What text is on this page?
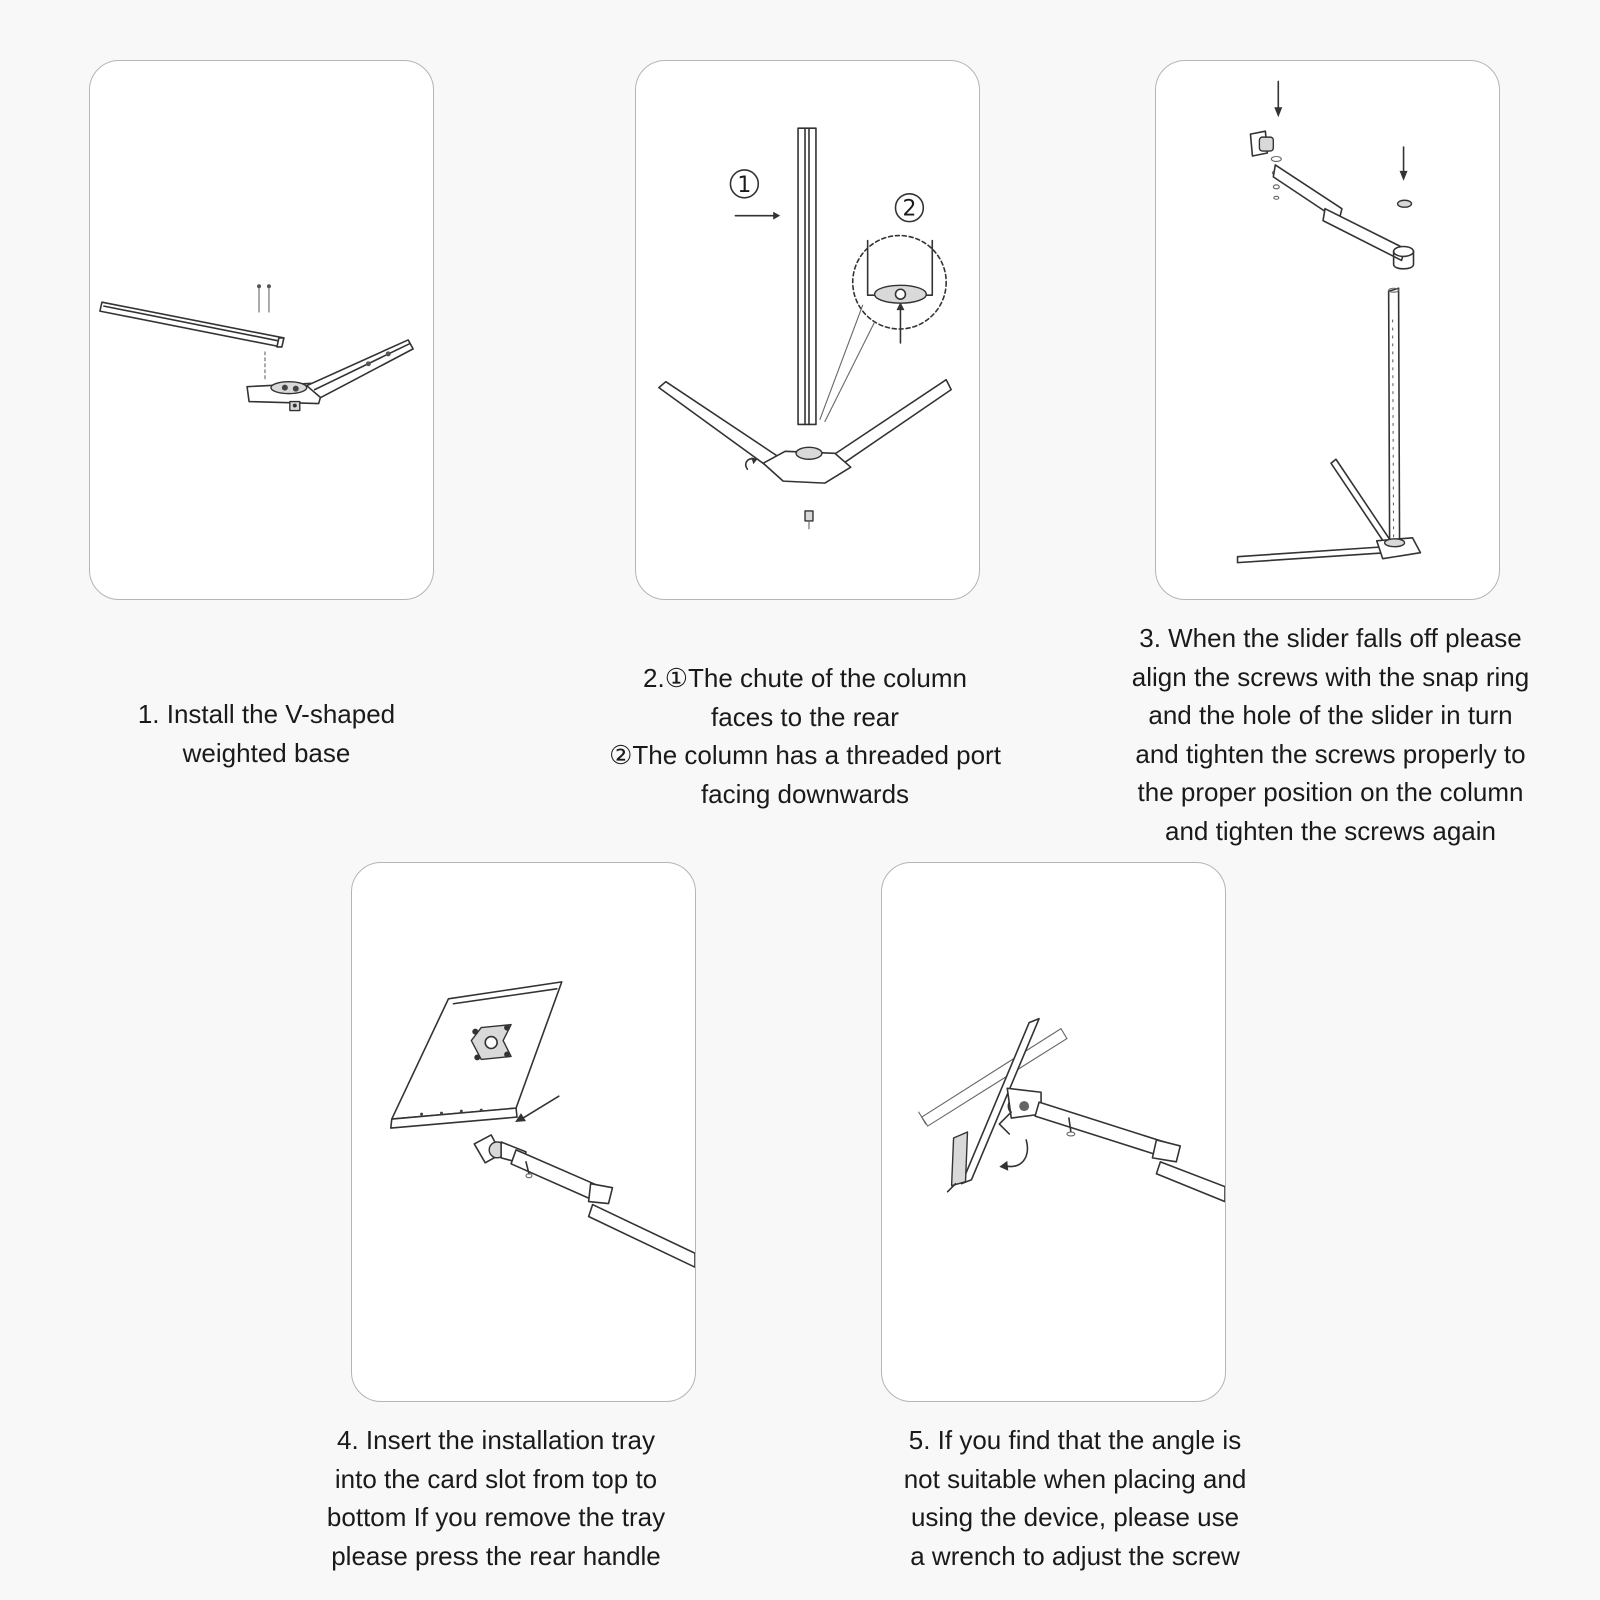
1
2
1. Install the V-shaped
weighted base
2.①The chute of the column
faces to the rear
②The column has a threaded port
facing downwards
3. When the slider falls off please
align the screws with the snap ring
and the hole of the slider in turn
and tighten the screws properly to
the proper position on the column
and tighten the screws again
4. Insert the installation tray
into the card slot from top to
bottom If you remove the tray
please press the rear handle
5. If you find that the angle is
not suitable when placing and
using the device, please use
a wrench to adjust the screw
